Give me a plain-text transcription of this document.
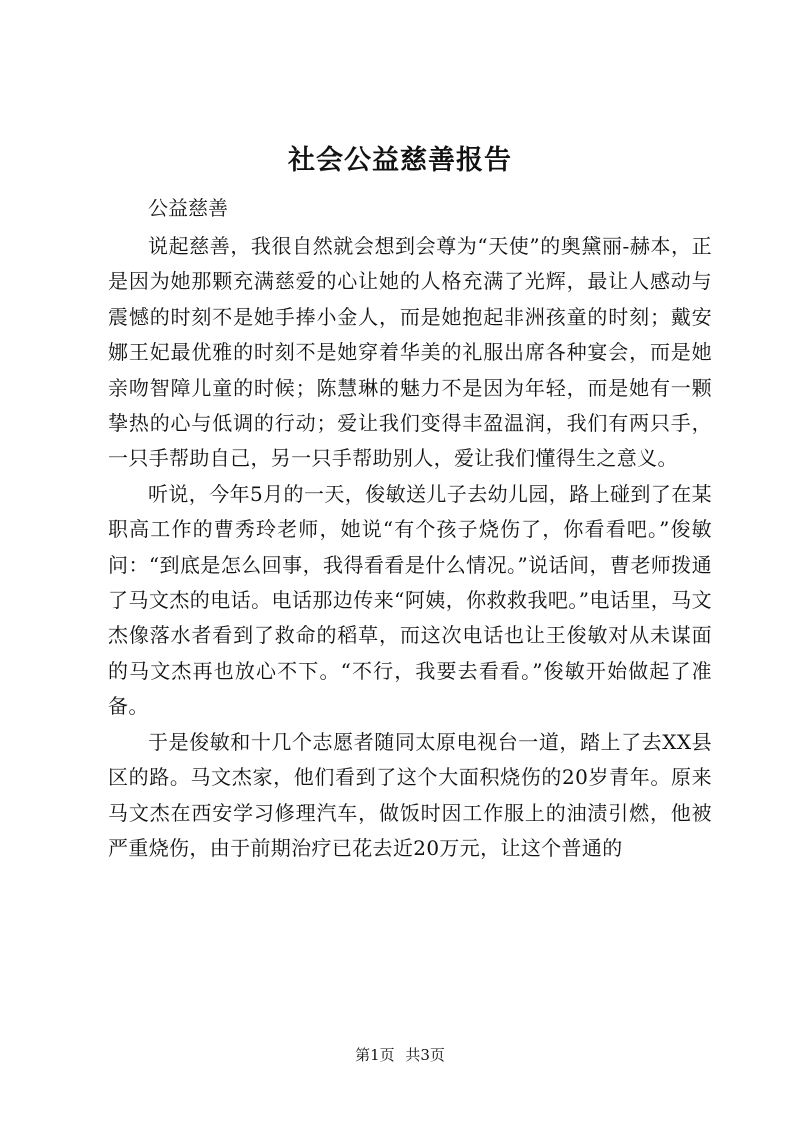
社会公益慈善报告

公益慈善

说起慈善，我很自然就会想到会尊为“天使”的奥黛丽-赫本，正是因为她那颗充满慈爱的心让她的人格充满了光辉，最让人感动与震憾的时刻不是她手捧小金人，而是她抱起非洲孩童的时刻；戴安娜王妃最优雅的时刻不是她穿着华美的礼服出席各种宴会，而是她亲吻智障儿童的时候；陈慧琳的魅力不是因为年轻，而是她有一颗挚热的心与低调的行动；爱让我们变得丰盈温润，我们有两只手，一只手帮助自己，另一只手帮助别人，爱让我们懂得生之意义。

听说，今年5月的一天，俊敏送儿子去幼儿园，路上碰到了在某职高工作的曹秀玲老师，她说“有个孩子烧伤了，你看看吧。”俊敏问：“到底是怎么回事，我得看看是什么情况。”说话间，曹老师拨通了马文杰的电话。电话那边传来“阿姨，你救救我吧。”电话里，马文杰像落水者看到了救命的稻草，而这次电话也让王俊敏对从未谋面的马文杰再也放心不下。“不行，我要去看看。”俊敏开始做起了准备。

于是俊敏和十几个志愿者随同太原电视台一道，踏上了去XX县区的路。马文杰家，他们看到了这个大面积烧伤的20岁青年。原来马文杰在西安学习修理汽车，做饭时因工作服上的油渍引燃，他被严重烧伤，由于前期治疗已花去近20万元，让这个普通的

第1页 共3页
